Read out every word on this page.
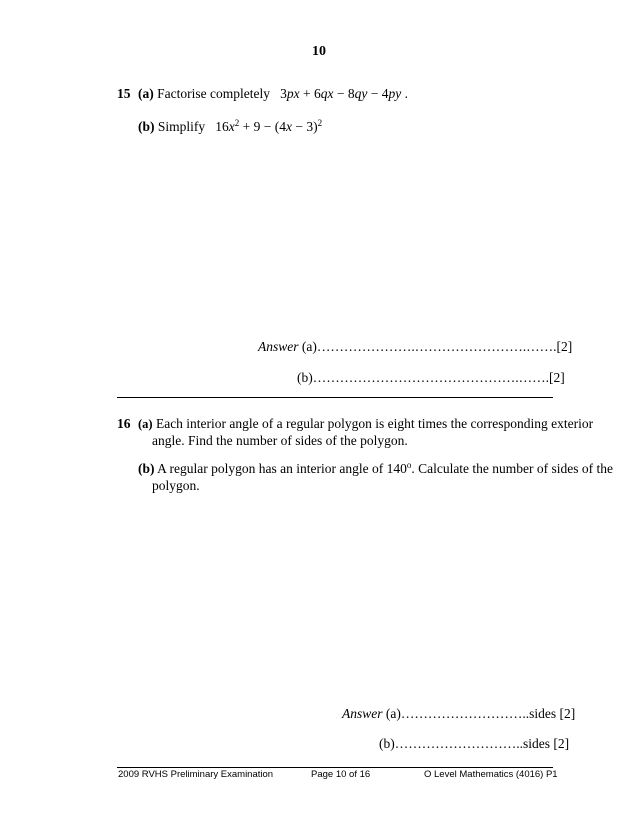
10
15 (a) Factorise completely 3px + 6qx − 8qy − 4py .
(b) Simplify $16x^2 + 9 - (4x - 3)^2$
Answer (a)………………….…………………….…….[2]
(b)……………………………………….…….[2]
16 (a) Each interior angle of a regular polygon is eight times the corresponding exterior
angle. Find the number of sides of the polygon.
(b) A regular polygon has an interior angle of 140$^o$. Calculate the number of sides of the
polygon.
Answer (a)………………………..sides [2]
(b)………………………..sides [2]
2009 RVHS Preliminary Examination	Page 10 of 16	O Level Mathematics (4016) P1
